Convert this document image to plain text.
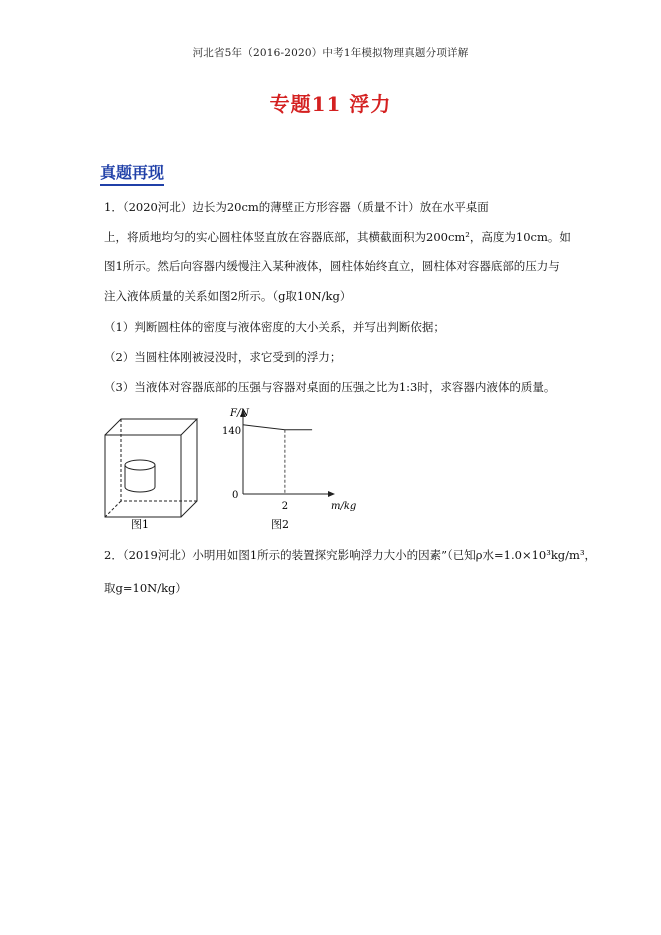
河北省5年（2016-2020）中考1年模拟物理真题分项详解
专题11 浮力
真题再现
1．（2020河北）边长为20cm的薄壁正方形容器（质量不计）放在水平桌面
上，将质地均匀的实心圆柱体竖直放在容器底部，其横截面积为200cm²，高度为10cm。如
图1所示。然后向容器内缓慢注入某种液体，圆柱体始终直立，圆柱体对容器底部的压力与
注入液体质量的关系如图2所示。（g取10N/kg）
（1）判断圆柱体的密度与液体密度的大小关系，并写出判断依据；
（2）当圆柱体刚被浸没时，求它受到的浮力；
（3）当液体对容器底部的压强与容器对桌面的压强之比为1:3时，求容器内液体的质量。
图1
140
0
2
F/N
m/kg
图2
2．（2019河北）小明用如图1所示的装置探究影响浮力大小的因素”（已知ρ水=1.0×10³kg/m³，
取g=10N/kg）
